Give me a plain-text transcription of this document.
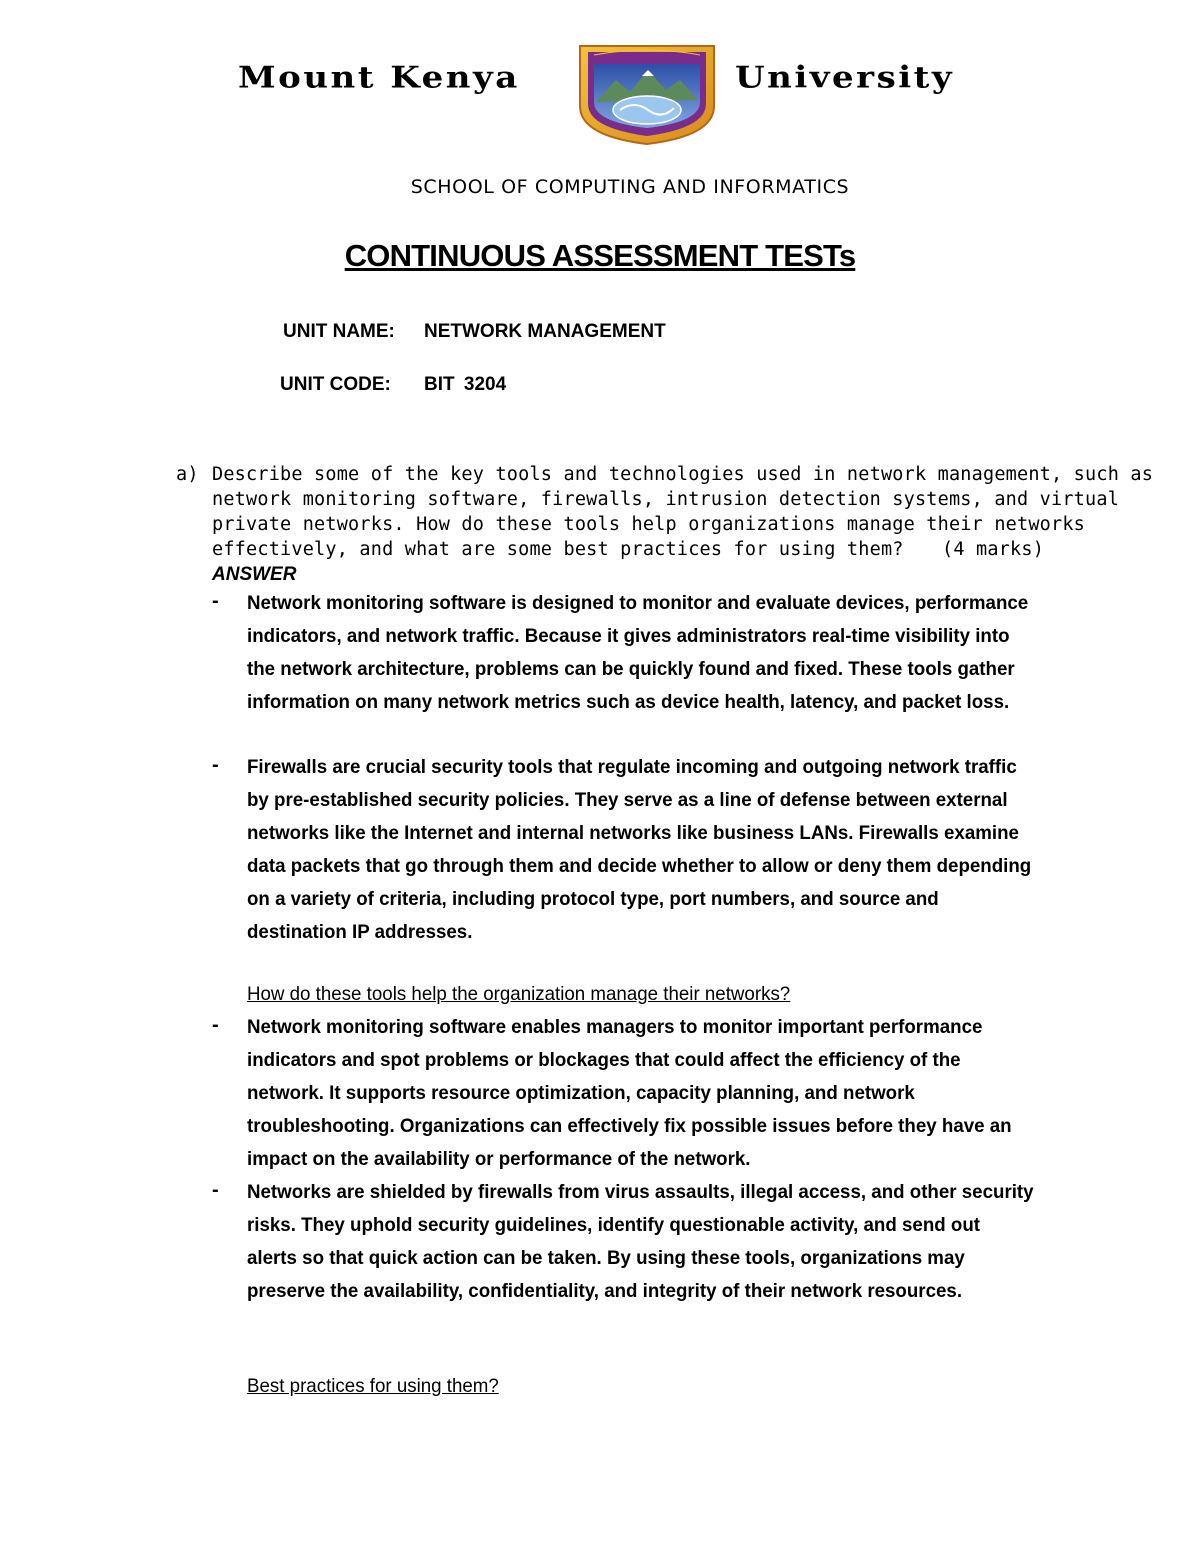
Mount Kenya	University
SCHOOL OF COMPUTING AND INFORMATICS
CONTINUOUS ASSESSMENT TESTs
UNIT NAME: NETWORK MANAGEMENT
UNIT CODE: BIT 3204
a) Describe some of the key tools and technologies used in network management, such as
network monitoring software, firewalls, intrusion detection systems, and virtual
private networks. How do these tools help organizations manage their networks
effectively, and what are some best practices for using them? (4 marks)
ANSWER
- Network monitoring software is designed to monitor and evaluate devices, performance indicators, and network traffic. Because it gives administrators real-time visibility into the network architecture, problems can be quickly found and fixed. These tools gather information on many network metrics such as device health, latency, and packet loss.
- Firewalls are crucial security tools that regulate incoming and outgoing network traffic by pre-established security policies. They serve as a line of defense between external networks like the Internet and internal networks like business LANs. Firewalls examine data packets that go through them and decide whether to allow or deny them depending on a variety of criteria, including protocol type, port numbers, and source and destination IP addresses.
How do these tools help the organization manage their networks?
- Network monitoring software enables managers to monitor important performance indicators and spot problems or blockages that could affect the efficiency of the network. It supports resource optimization, capacity planning, and network troubleshooting. Organizations can effectively fix possible issues before they have an impact on the availability or performance of the network.
- Networks are shielded by firewalls from virus assaults, illegal access, and other security risks. They uphold security guidelines, identify questionable activity, and send out alerts so that quick action can be taken. By using these tools, organizations may preserve the availability, confidentiality, and integrity of their network resources.
Best practices for using them?
